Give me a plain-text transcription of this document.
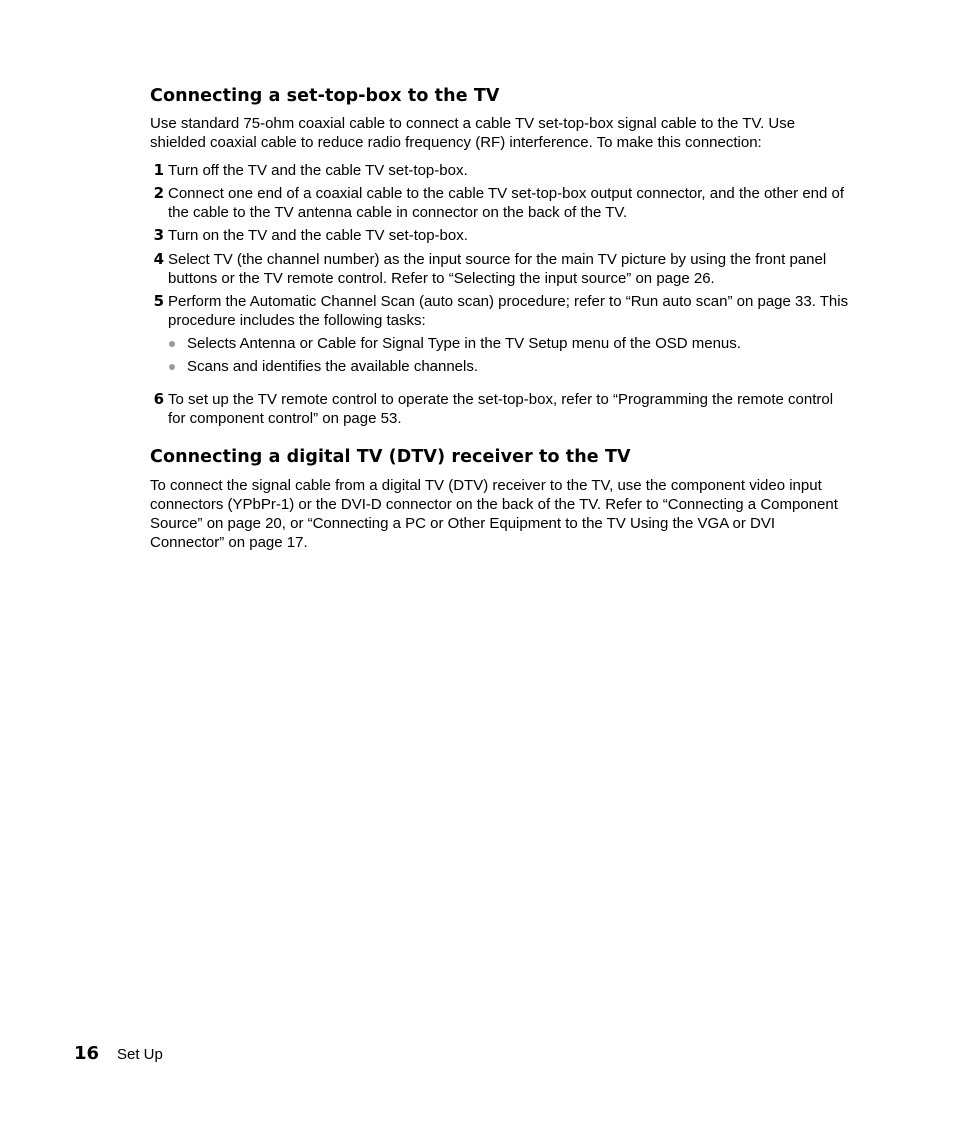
Connecting a set-top-box to the TV

Use standard 75-ohm coaxial cable to connect a cable TV set-top-box signal cable to the TV. Use shielded coaxial cable to reduce radio frequency (RF) interference. To make this connection:

1 Turn off the TV and the cable TV set-top-box.
2 Connect one end of a coaxial cable to the cable TV set-top-box output connector, and the other end of the cable to the TV antenna cable in connector on the back of the TV.
3 Turn on the TV and the cable TV set-top-box.
4 Select TV (the channel number) as the input source for the main TV picture by using the front panel buttons or the TV remote control. Refer to “Selecting the input source” on page 26.
5 Perform the Automatic Channel Scan (auto scan) procedure; refer to “Run auto scan” on page 33. This procedure includes the following tasks:
Selects Antenna or Cable for Signal Type in the TV Setup menu of the OSD menus.
Scans and identifies the available channels.
6 To set up the TV remote control to operate the set-top-box, refer to “Programming the remote control for component control” on page 53.
Connecting a digital TV (DTV) receiver to the TV

To connect the signal cable from a digital TV (DTV) receiver to the TV, use the component video input connectors (YPbPr-1) or the DVI-D connector on the back of the TV. Refer to “Connecting a Component Source” on page 20, or “Connecting a PC or Other Equipment to the TV Using the VGA or DVI Connector” on page 17.

16 Set Up
